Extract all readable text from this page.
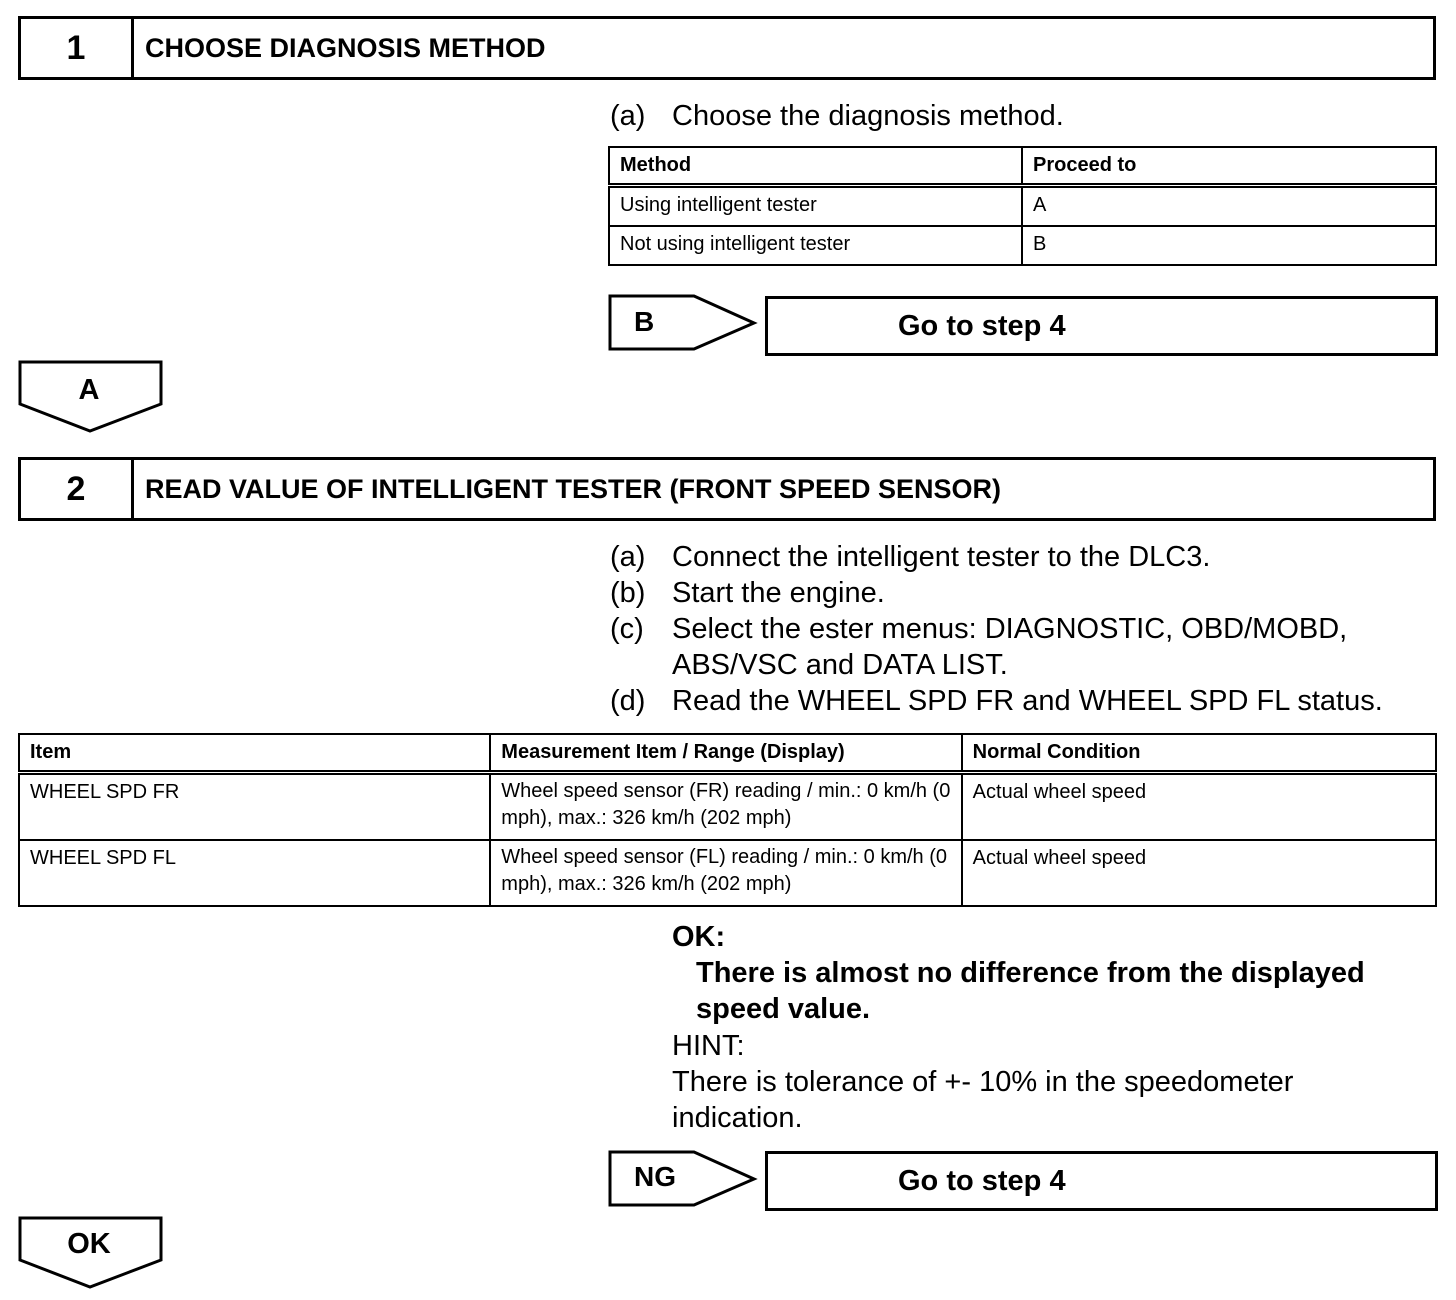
1	CHOOSE DIAGNOSIS METHOD
(a) Choose the diagnosis method.
Method	Proceed to
Using intelligent tester	A
Not using intelligent tester	B
B	Go to step 4
A
2	READ VALUE OF INTELLIGENT TESTER (FRONT SPEED SENSOR)
(a) Connect the intelligent tester to the DLC3.
(b) Start the engine.
(c) Select the ester menus: DIAGNOSTIC, OBD/MOBD, ABS/VSC and DATA LIST.
(d) Read the WHEEL SPD FR and WHEEL SPD FL status.
Item	Measurement Item / Range (Display)	Normal Condition
WHEEL SPD FR	Wheel speed sensor (FR) reading / min.: 0 km/h (0 mph), max.: 326 km/h (202 mph)	Actual wheel speed
WHEEL SPD FL	Wheel speed sensor (FL) reading / min.: 0 km/h (0 mph), max.: 326 km/h (202 mph)	Actual wheel speed
OK:
There is almost no difference from the displayed speed value.
HINT:
There is tolerance of +- 10% in the speedometer indication.
NG	Go to step 4
OK
